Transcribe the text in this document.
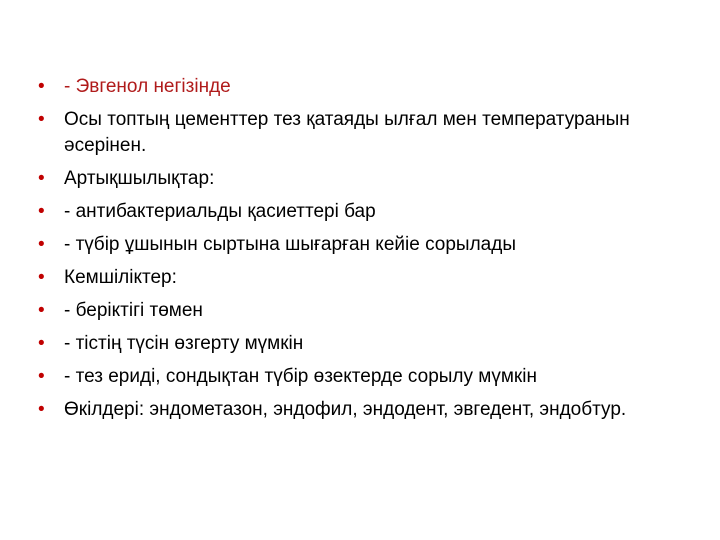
• - Эвгенол негізінде
• Осы топтың цементтер тез қатаяды ылғал мен температуранын әсерінен.
• Артықшылықтар:
• - антибактериальды қасиеттері бар
• - түбір ұшынын сыртына шығарған кейіе сорылады
• Кемшіліктер:
• - беріктігі төмен
• - тістің түсін өзгерту мүмкін
• - тез ериді, сондықтан түбір өзектерде сорылу мүмкін
• Өкілдері: эндометазон, эндофил, эндодент, эвгедент, эндобтур.
